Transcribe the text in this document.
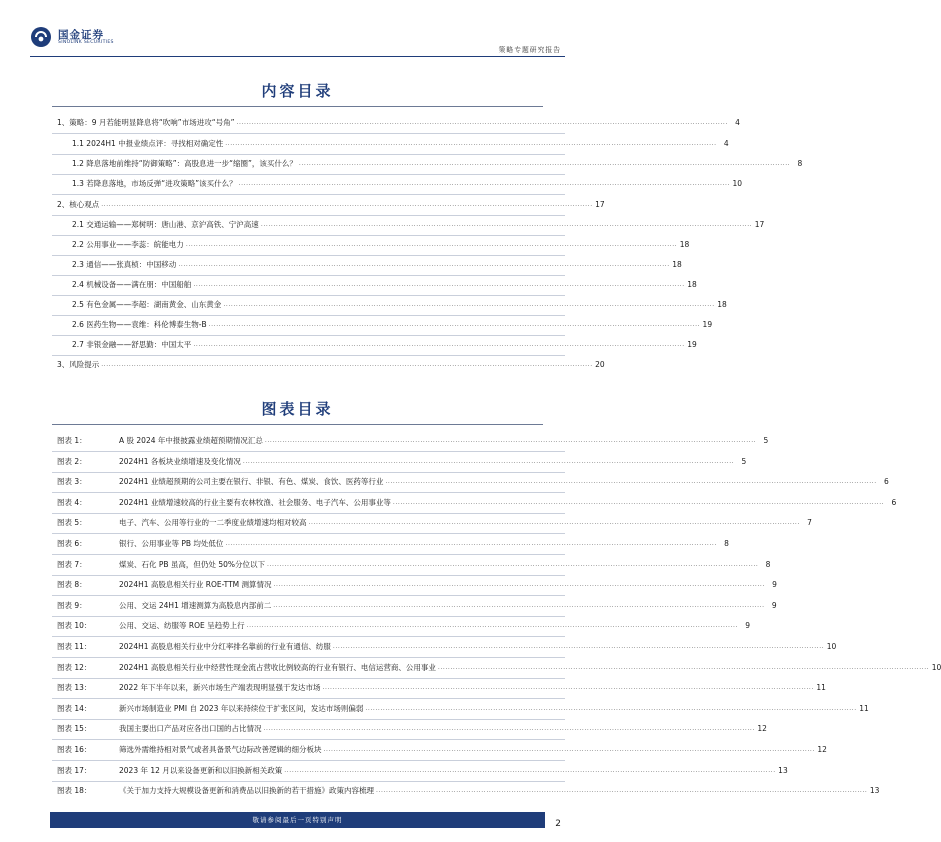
国金证券
SINOLINK SECURITIES
策略专题研究报告
内容目录
1、策略：9 月若能明显降息将“吹响”市场进攻“号角” .................................................................................................................................................................................................... 4
1.1 2024H1 中报业绩点评：寻找相对确定性 .................................................................................................................................................................................................... 4
1.2 降息落地前维持“防御策略”：高股息进一步“缩圈”，该买什么？ .................................................................................................................................................................................................... 8
1.3 若降息落地，市场反弹“进攻策略”该买什么？ .................................................................................................................................................................................................... 10
2、核心观点 .................................................................................................................................................................................................... 17
2.1 交通运输——郑树明：唐山港、京沪高铁、宁沪高速 .................................................................................................................................................................................................... 17
2.2 公用事业——李蕊：皖能电力 .................................................................................................................................................................................................... 18
2.3 通信——张真桢：中国移动 .................................................................................................................................................................................................... 18
2.4 机械设备——满在朋：中国船舶 .................................................................................................................................................................................................... 18
2.5 有色金属——李超：湖南黄金、山东黄金 .................................................................................................................................................................................................... 18
2.6 医药生物——袁维：科伦博泰生物-B .................................................................................................................................................................................................... 19
2.7 非银金融——舒思勤：中国太平 .................................................................................................................................................................................................... 19
3、风险提示 .................................................................................................................................................................................................... 20
图表目录
图表 1：	A 股 2024 年中报披露业绩超预期情况汇总 .................................................................................................................................................................................................... 5
图表 2：	2024H1 各板块业绩增速及变化情况 .................................................................................................................................................................................................... 5
图表 3：	2024H1 业绩超预期的公司主要在银行、非银、有色、煤炭、食饮、医药等行业 .................................................................................................................................................................................................... 6
图表 4：	2024H1 业绩增速较高的行业主要有农林牧渔、社会服务、电子汽车、公用事业等 .................................................................................................................................................................................................... 6
图表 5：	电子、汽车、公用等行业的一二季度业绩增速均相对较高 .................................................................................................................................................................................................... 7
图表 6：	银行、公用事业等 PB 均处低位 .................................................................................................................................................................................................... 8
图表 7：	煤炭、石化 PB 虽高，但仍处 50%分位以下 .................................................................................................................................................................................................... 8
图表 8：	2024H1 高股息相关行业 ROE-TTM 测算情况 .................................................................................................................................................................................................... 9
图表 9：	公用、交运 24H1 增速测算为高股息内部前二 .................................................................................................................................................................................................... 9
图表 10：	公用、交运、纺服等 ROE 呈趋势上行 .................................................................................................................................................................................................... 9
图表 11：	2024H1 高股息相关行业中分红率排名靠前的行业有通信、纺服 .................................................................................................................................................................................................... 10
图表 12：	2024H1 高股息相关行业中经营性现金流占营收比例较高的行业有银行、电信运营商、公用事业 .................................................................................................................................................................................................... 10
图表 13：	2022 年下半年以来，新兴市场生产端表现明显强于发达市场 .................................................................................................................................................................................................... 11
图表 14：	新兴市场制造业 PMI 自 2023 年以来持续位于扩张区间，发达市场则偏弱 .................................................................................................................................................................................................... 11
图表 15：	我国主要出口产品对应各出口国的占比情况 .................................................................................................................................................................................................... 12
图表 16：	筛选外需维持相对景气或者具备景气边际改善逻辑的细分板块 .................................................................................................................................................................................................... 12
图表 17：	2023 年 12 月以来设备更新和以旧换新相关政策 .................................................................................................................................................................................................... 13
图表 18：	《关于加力支持大规模设备更新和消费品以旧换新的若干措施》政策内容梳理 .................................................................................................................................................................................................... 13
敬请参阅最后一页特别声明	2
